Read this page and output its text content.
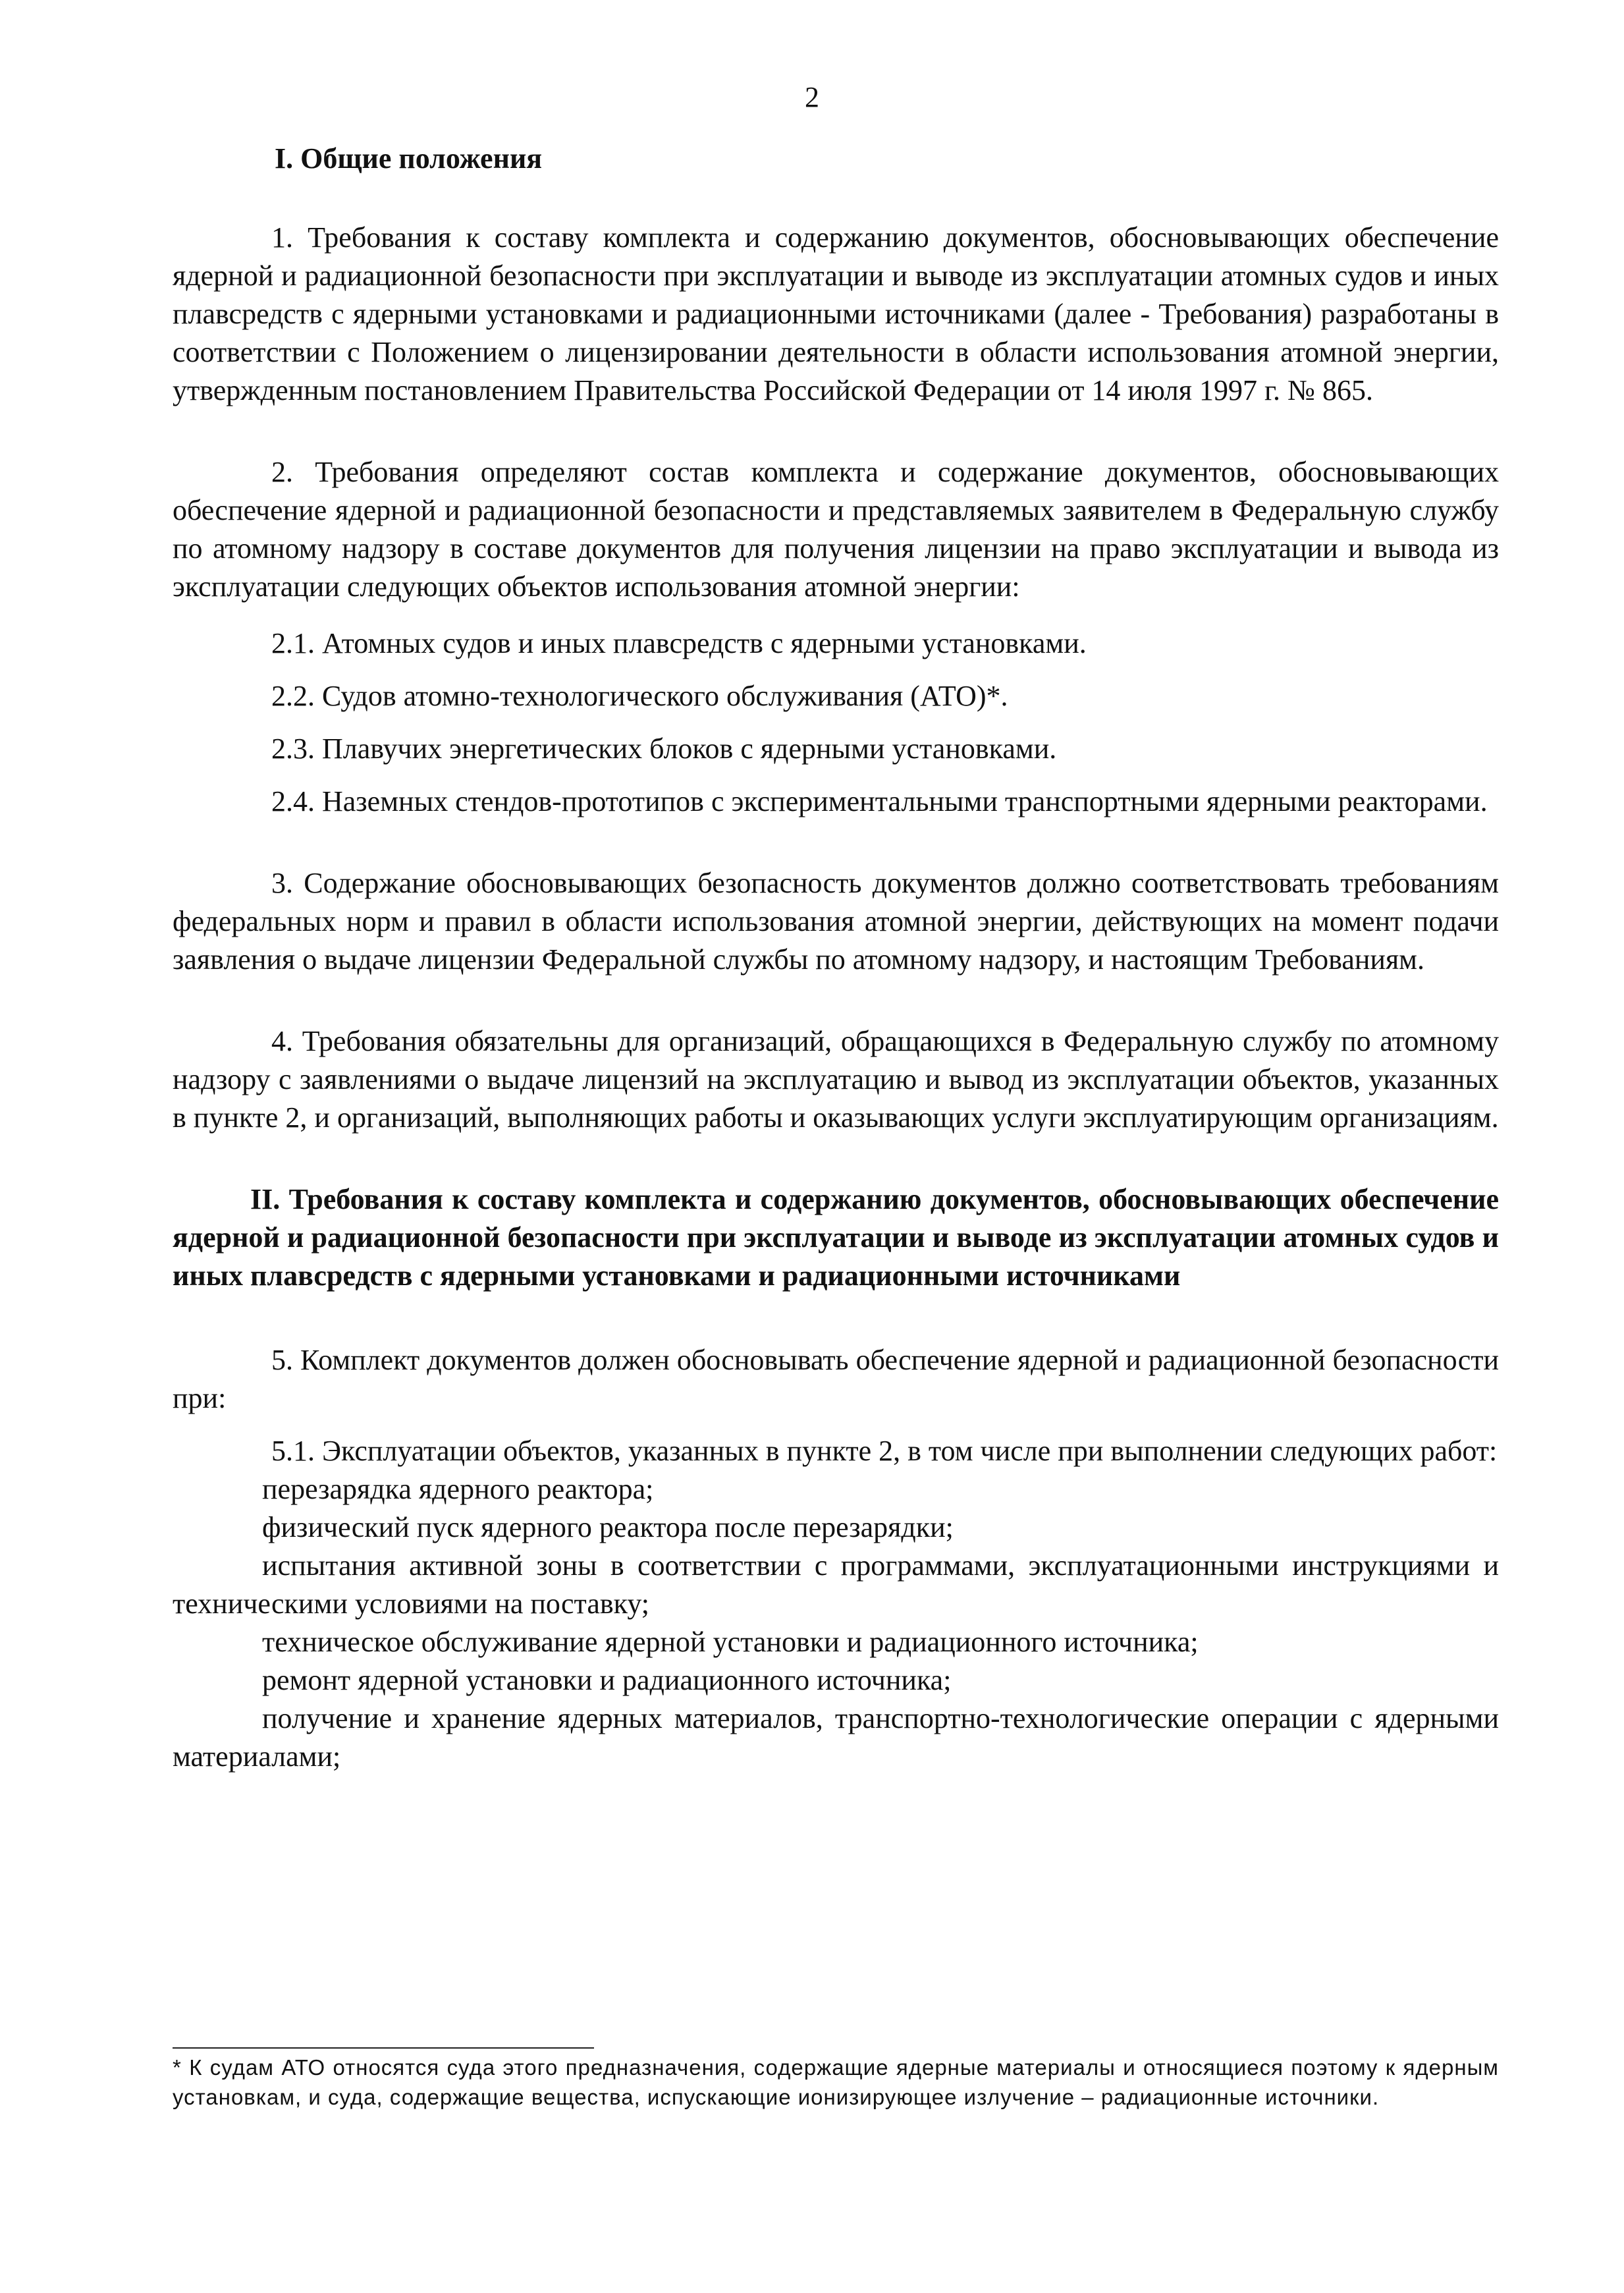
2
I. Общие положения

1. Требования к составу комплекта и содержанию документов, обосновывающих обеспечение ядерной и радиационной безопасности при эксплуатации и выводе из эксплуатации атомных судов и иных плавсредств с ядерными установками и радиационными источниками (далее - Требования) разработаны в соответствии с Положением о лицензировании деятельности в области использования атомной энергии, утвержденным постановлением Правительства Российской Федерации от 14 июля 1997 г. № 865.

2. Требования определяют состав комплекта и содержание документов, обосновывающих обеспечение ядерной и радиационной безопасности и представляемых заявителем в Федеральную службу по атомному надзору в составе документов для получения лицензии на право эксплуатации и вывода из эксплуатации следующих объектов использования атомной энергии:

2.1. Атомных судов и иных плавсредств с ядерными установками.

2.2. Судов атомно-технологического обслуживания (АТО)*.

2.3. Плавучих энергетических блоков с ядерными установками.

2.4. Наземных стендов-прототипов с экспериментальными транспортными ядерными реакторами.

3. Содержание обосновывающих безопасность документов должно соответствовать требованиям федеральных норм и правил в области использования атомной энергии, действующих на момент подачи заявления о выдаче лицензии Федеральной службы по атомному надзору, и настоящим Требованиям.

4. Требования обязательны для организаций, обращающихся в Федеральную службу по атомному надзору с заявлениями о выдаче лицензий на эксплуатацию и вывод из эксплуатации объектов, указанных в пункте 2, и организаций, выполняющих работы и оказывающих услуги эксплуатирующим организациям.

II. Требования к составу комплекта и содержанию документов, обосновывающих обеспечение ядерной и радиационной безопасности при эксплуатации и выводе из эксплуатации атомных судов и иных плавсредств с ядерными установками и радиационными источниками

5. Комплект документов должен обосновывать обеспечение ядерной и радиационной безопасности при:

5.1. Эксплуатации объектов, указанных в пункте 2, в том числе при выполнении следующих работ:

перезарядка ядерного реактора;

физический пуск ядерного реактора после перезарядки;

испытания активной зоны в соответствии с программами, эксплуатационными инструкциями и техническими условиями на поставку;

техническое обслуживание ядерной установки и радиационного источника;

ремонт ядерной установки и радиационного источника;

получение и хранение ядерных материалов, транспортно-технологические операции с ядерными материалами;

* К судам АТО относятся суда этого предназначения, содержащие ядерные материалы и относящиеся поэтому к ядерным установкам, и суда, содержащие вещества, испускающие ионизирующее излучение – радиационные источники.
